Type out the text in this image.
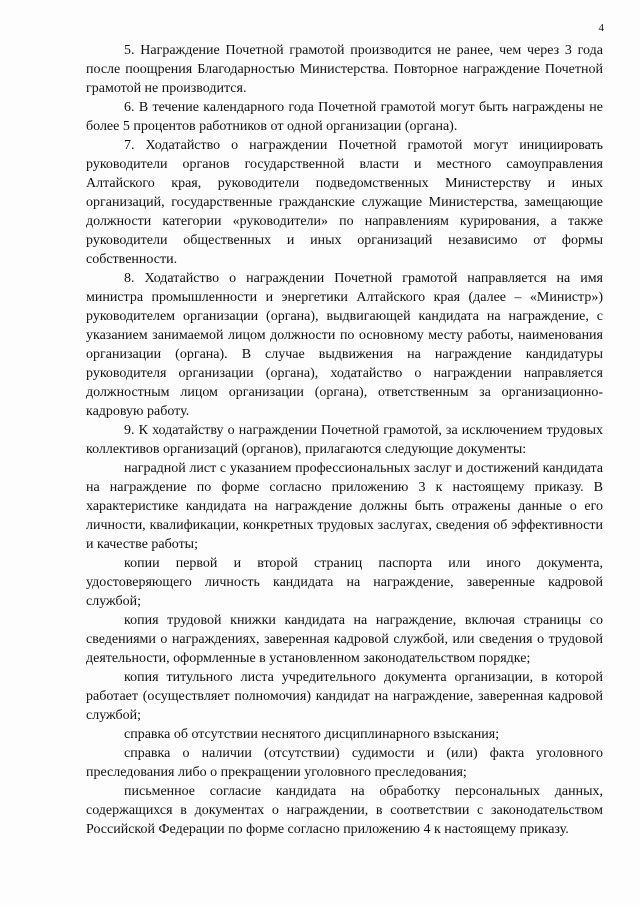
4

5. Награждение Почетной грамотой производится не ранее, чем через 3 года после поощрения Благодарностью Министерства. Повторное награждение Почетной грамотой не производится.

6. В течение календарного года Почетной грамотой могут быть награждены не более 5 процентов работников от одной организации (органа).

7. Ходатайство о награждении Почетной грамотой могут инициировать руководители органов государственной власти и местного самоуправления Алтайского края, руководители подведомственных Министерству и иных организаций, государственные гражданские служащие Министерства, замещающие должности категории «руководители» по направлениям курирования, а также руководители общественных и иных организаций независимо от формы собственности.

8. Ходатайство о награждении Почетной грамотой направляется на имя министра промышленности и энергетики Алтайского края (далее – «Министр») руководителем организации (органа), выдвигающей кандидата на награждение, с указанием занимаемой лицом должности по основному месту работы, наименования организации (органа). В случае выдвижения на награждение кандидатуры руководителя организации (органа), ходатайство о награждении направляется должностным лицом организации (органа), ответственным за организационно-кадровую работу.

9. К ходатайству о награждении Почетной грамотой, за исключением трудовых коллективов организаций (органов), прилагаются следующие документы:

наградной лист с указанием профессиональных заслуг и достижений кандидата на награждение по форме согласно приложению 3 к настоящему приказу. В характеристике кандидата на награждение должны быть отражены данные о его личности, квалификации, конкретных трудовых заслугах, сведения об эффективности и качестве работы;

копии первой и второй страниц паспорта или иного документа, удостоверяющего личность кандидата на награждение, заверенные кадровой службой;

копия трудовой книжки кандидата на награждение, включая страницы со сведениями о награждениях, заверенная кадровой службой, или сведения о трудовой деятельности, оформленные в установленном законодательством порядке;

копия титульного листа учредительного документа организации, в которой работает (осуществляет полномочия) кандидат на награждение, заверенная кадровой службой;

справка об отсутствии неснятого дисциплинарного взыскания;

справка о наличии (отсутствии) судимости и (или) факта уголовного преследования либо о прекращении уголовного преследования;

письменное согласие кандидата на обработку персональных данных, содержащихся в документах о награждении, в соответствии с законодательством Российской Федерации по форме согласно приложению 4 к настоящему приказу.
